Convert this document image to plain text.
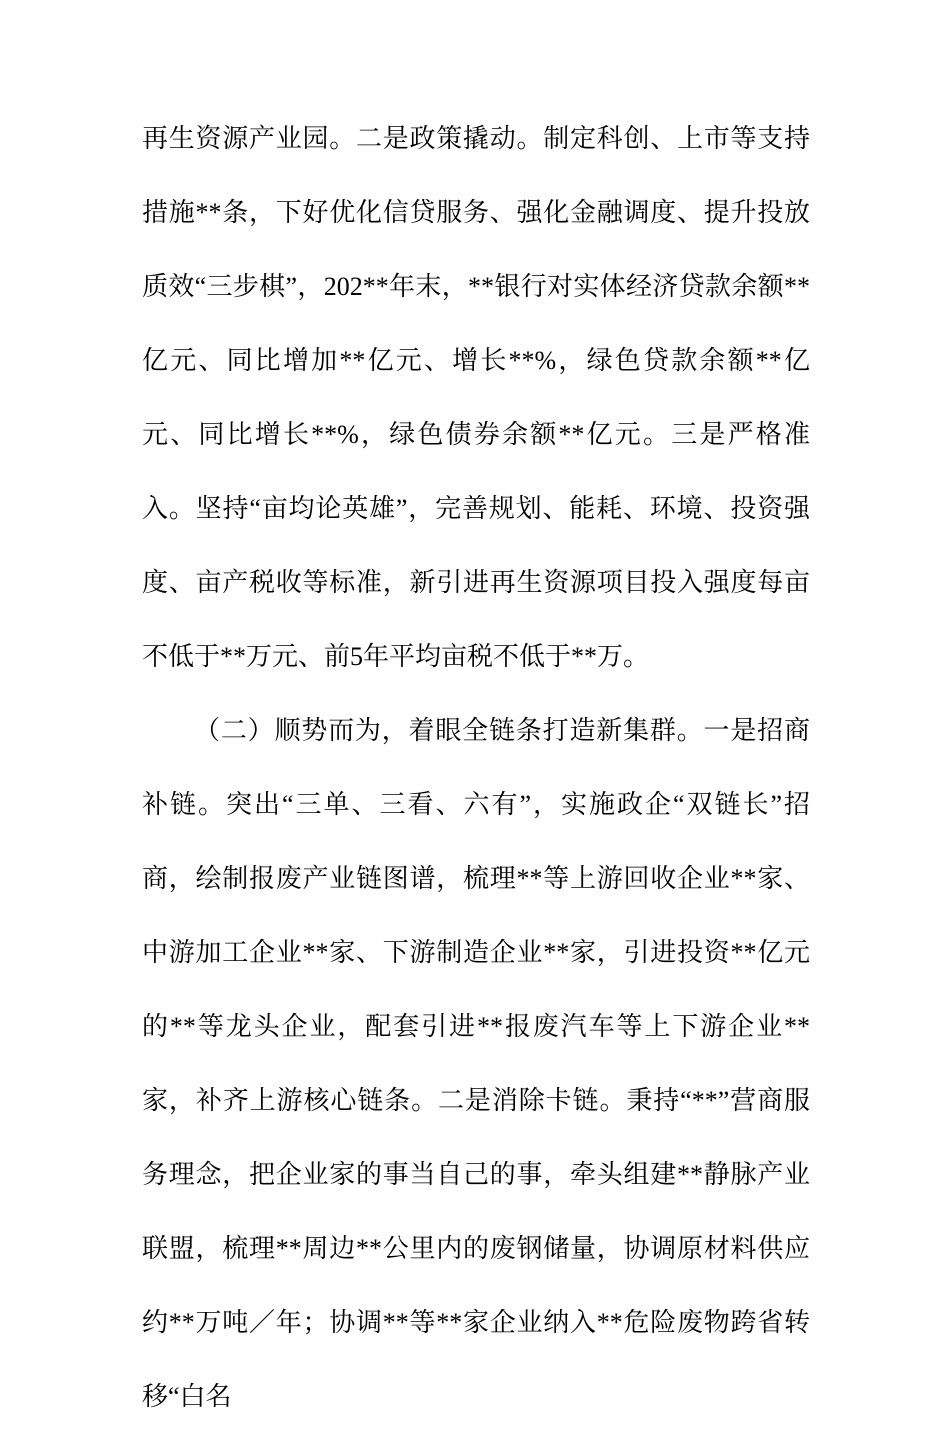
再生资源产业园。二是政策撬动。制定科创、上市等支持措施**条，下好优化信贷服务、强化金融调度、提升投放质效“三步棋”，202**年末，**银行对实体经济贷款余额**亿元、同比增加**亿元、增长**%，绿色贷款余额**亿元、同比增长**%，绿色债券余额**亿元。三是严格准入。坚持“亩均论英雄”，完善规划、能耗、环境、投资强度、亩产税收等标准，新引进再生资源项目投入强度每亩不低于**万元、前5年平均亩税不低于**万。

（二）顺势而为，着眼全链条打造新集群。一是招商补链。突出“三单、三看、六有”，实施政企“双链长”招商，绘制报废产业链图谱，梳理**等上游回收企业**家、中游加工企业**家、下游制造企业**家，引进投资**亿元的**等龙头企业，配套引进**报废汽车等上下游企业**家，补齐上游核心链条。二是消除卡链。秉持“**”营商服务理念，把企业家的事当自己的事，牵头组建**静脉产业联盟，梳理**周边**公里内的废钢储量，协调原材料供应约**万吨／年；协调**等**家企业纳入**危险废物跨省转移“白名
